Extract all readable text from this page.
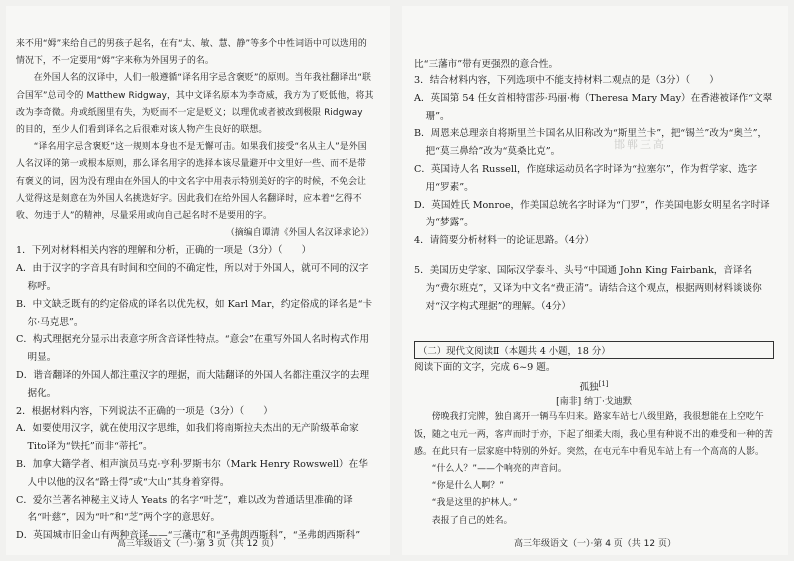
来不用“姆”来给自己的男孩子起名，在有“太、敏、慧、静”等多个中性词语中可以选用的情况下，不一定要用“姆”字来称为外国男子的名。

在外国人名的汉译中，人们一般遵循“译名用字忌含褒贬”的原则。当年我社翻译出“联合国军”总司令的 Matthew Ridgway，其中文译名原本为李奇威，我方为了贬低他，将其改为李奇微。舟或纸图里有失，为贬而不一定是贬义；以理优或者被改到极限 Ridgway 的目的，至少人们看到译名之后很难对该人物产生良好的联想。

“译名用字忌含褒贬”这一规则本身也不是无懈可击。如果我们接受“名从主人”是外国人名汉译的第一或根本原则，那么译名用字的选择本该尽量避开中文里好一些、而不是带有褒义的词，因为没有理由在外国人的中文名字中用表示特别美好的字的时候，不免会让人觉得这是刻意在为外国人名挑选好字。因此我们在给外国人名翻译时，应本着“乞得不收、勿违于人”的精神，尽量采用或向自己起名时不是要用的字。

（摘编自谭清《外国人名汉译求论》）

1．下列对材料相关内容的理解和分析，正确的一项是（3分）（　　）

A．由于汉字的字音具有时间和空间的不确定性，所以对于外国人，就可不同的汉字称呼。

B．中文缺乏既有的约定俗成的译名以优先权，如 Karl Mar，约定俗成的译名是“卡尔·马克思”。

C．构式理据充分显示出表意字所含音译性特点。“意会”在重写外国人名时构式作用明显。

D．谐音翻译的外国人都注重汉字的理据，而大陆翻译的外国人名都注重汉字的去理据化。

2．根据材料内容，下列说法不正确的一项是（3分）（　　）

A．如要使用汉字，就在使用汉字思维，如我们将南斯拉夫杰出的无产阶级革命家 Tito译为“铁托”而非“蒂托”。

B．加拿大籍学者、相声演员马克·亨利·罗斯韦尔（Mark Henry Rowswell）在华人中以他的汉名“路士得”或“大山”其身着穿得。

C．爱尔兰著名神秘主义诗人 Yeats 的名字“叶芝”，难以改为普通话里准确的译名“叶慈”，因为“叶”和“芝”两个字的意思好。

D．英国城市旧金山有两种音译——“三藩市”和“圣弗朗西斯科”，“圣弗朗西斯科”

高三年级语文（一）·第 3 页（共 12 页）
邯郸三高

比“三藩市”带有更强烈的意合性。

3．结合材料内容，下列选项中不能支持材料二观点的是（3分）（　　）

A．英国第 54 任女首相特雷莎·玛丽·梅（Theresa Mary May）在香港被译作“文翠珊”。

B．周恩来总理亲自将斯里兰卡国名从旧称改为“斯里兰卡”，把“锡兰”改为“奥兰”，把“莫三鼻给”改为“莫桑比克”。

C．英国诗人名 Russell，作庭球运动员名字时译为“拉塞尔”，作为哲学家、选字用“罗素”。

D．英国姓氏 Monroe，作美国总统名字时译为“门罗”，作美国电影女明星名字时译为“梦露”。

4．请简要分析材料一的论证思路。（4分）

5．美国历史学家、国际汉学泰斗、头号“中国通 John King Fairbank，音译名为“费尔班克”，又译为中文名“费正清”。请结合这个观点，根据两则材料谈谈你对“汉字构式理据”的理解。（4分）

（二）现代文阅读Ⅱ（本题共 4 小题，18 分）

阅读下面的文字，完成 6~9 题。

孤独[1]

[南非] 纳丁·戈迪默

傍晚我打完牌，独自离开一辆马车归来。路家车站七八级里路，我很想能在上空吃午饭，随之屯元一两，客声而时于亦，下起了细柔大雨，我心里有种说不出的难受和一种的苦感。在此只有一层家庭中特别的外好。突然，在屯元车中看见车站上有一个高高的人影。

“什么人？”——个响亮的声音问。

“你是什么人啊？”

“我是这里的护林人。”

表报了自己的姓名。

高三年级语文（一）·第 4 页（共 12 页）
